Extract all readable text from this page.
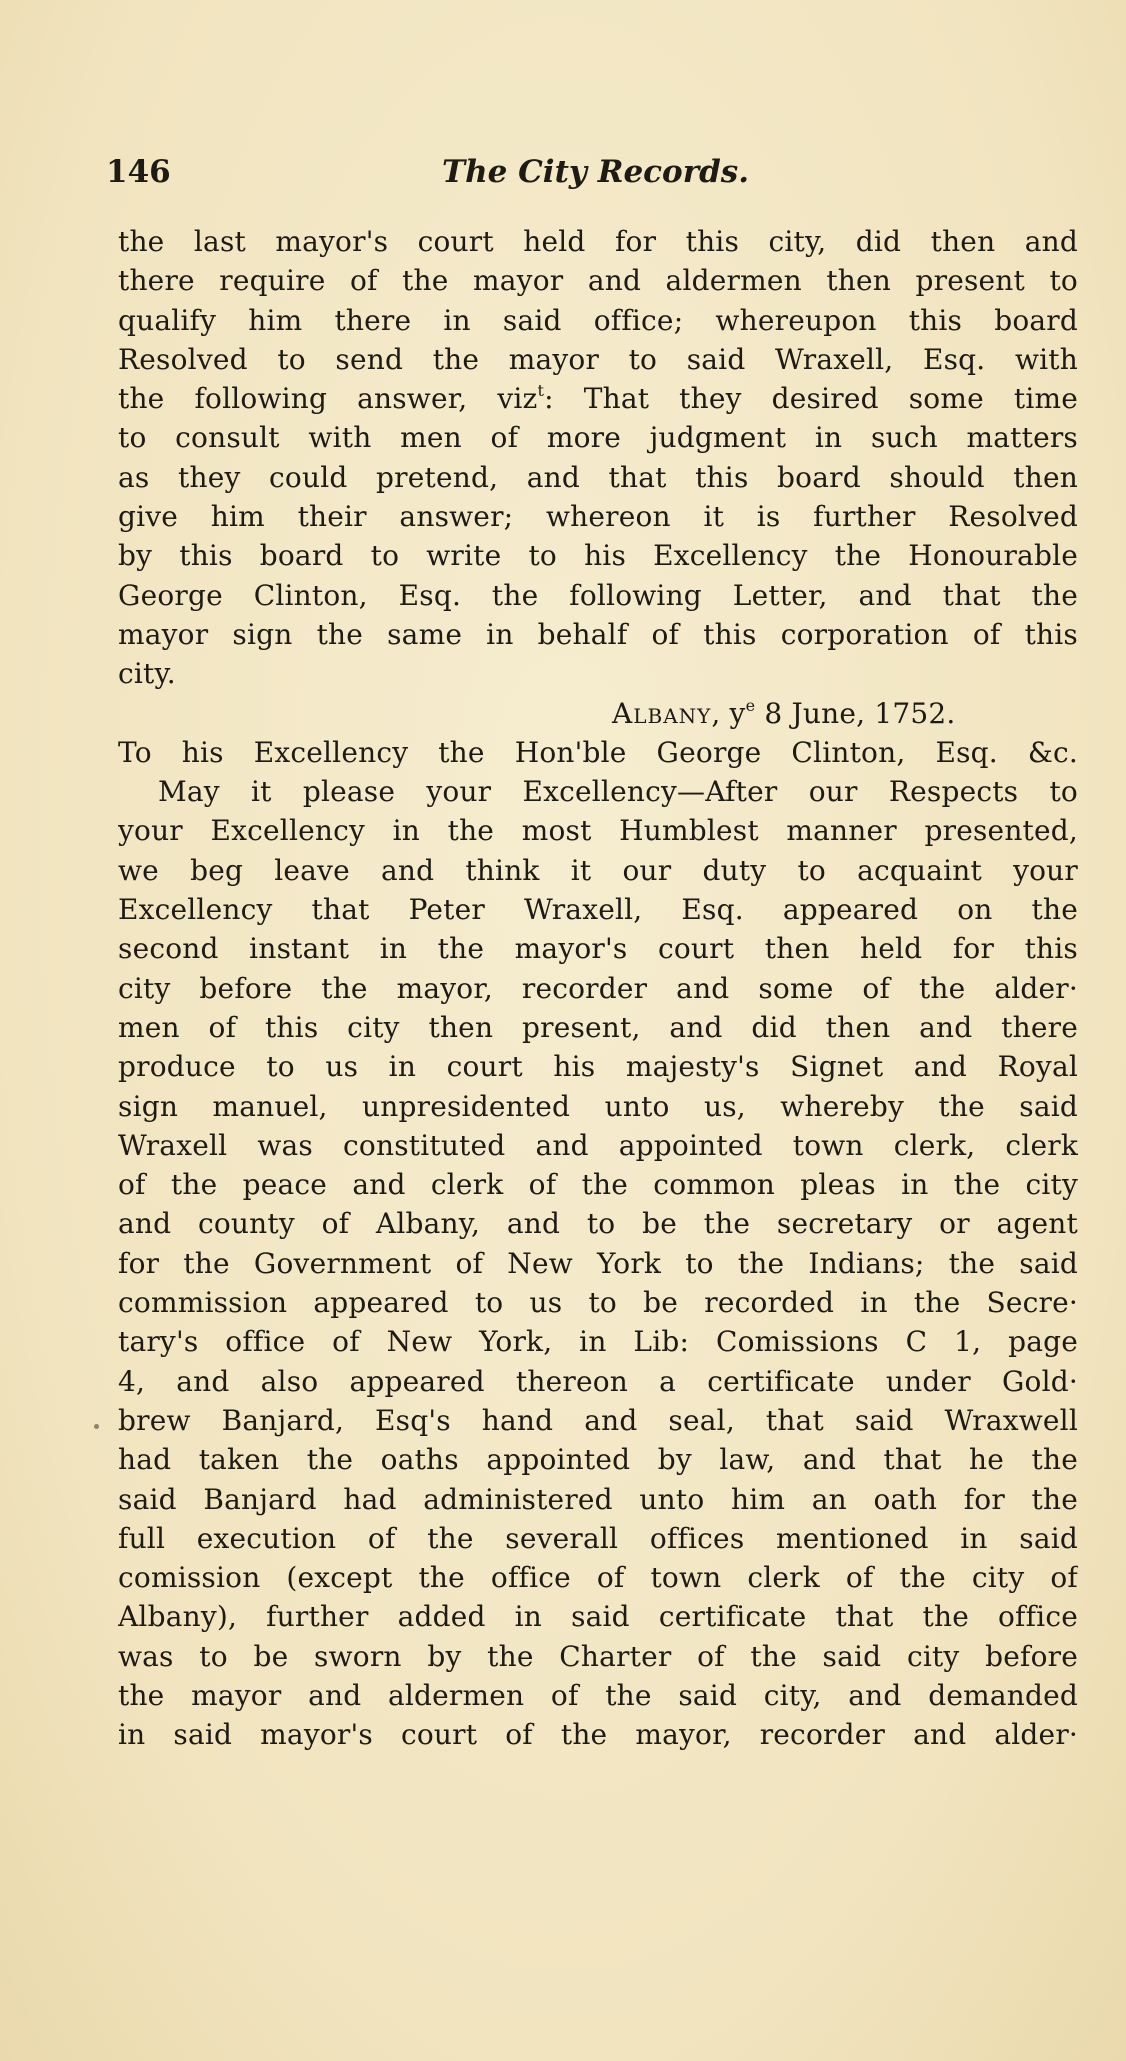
146	The City Records.
the last mayor's court held for this city, did then and
there require of the mayor and aldermen then present to
qualify him there in said office; whereupon this board
Resolved to send the mayor to said Wraxell, Esq. with
the following answer, viz$^t$: That they desired some time
to consult with men of more judgment in such matters
as they could pretend, and that this board should then
give him their answer; whereon it is further Resolved
by this board to write to his Excellency the Honourable
George Clinton, Esq. the following Letter, and that the
mayor sign the same in behalf of this corporation of this
city.
Albany, $y^e$ 8 June, 1752.
To his Excellency the Hon'ble George Clinton, Esq. &c.
May it please your Excellency—After our Respects to
your Excellency in the most Humblest manner presented,
we beg leave and think it our duty to acquaint your
Excellency that Peter Wraxell, Esq. appeared on the
second instant in the mayor's court then held for this
city before the mayor, recorder and some of the alder·
men of this city then present, and did then and there
produce to us in court his majesty's Signet and Royal
sign manuel, unpresidented unto us, whereby the said
Wraxell was constituted and appointed town clerk, clerk
of the peace and clerk of the common pleas in the city
and county of Albany, and to be the secretary or agent
for the Government of New York to the Indians; the said
commission appeared to us to be recorded in the Secre·
tary's office of New York, in Lib: Comissions C 1, page
4, and also appeared thereon a certificate under Gold·
brew Banjard, Esq's hand and seal, that said Wraxwell
had taken the oaths appointed by law, and that he the
said Banjard had administered unto him an oath for the
full execution of the severall offices mentioned in said
comission (except the office of town clerk of the city of
Albany), further added in said certificate that the office
was to be sworn by the Charter of the said city before
the mayor and aldermen of the said city, and demanded
in said mayor's court of the mayor, recorder and alder·
